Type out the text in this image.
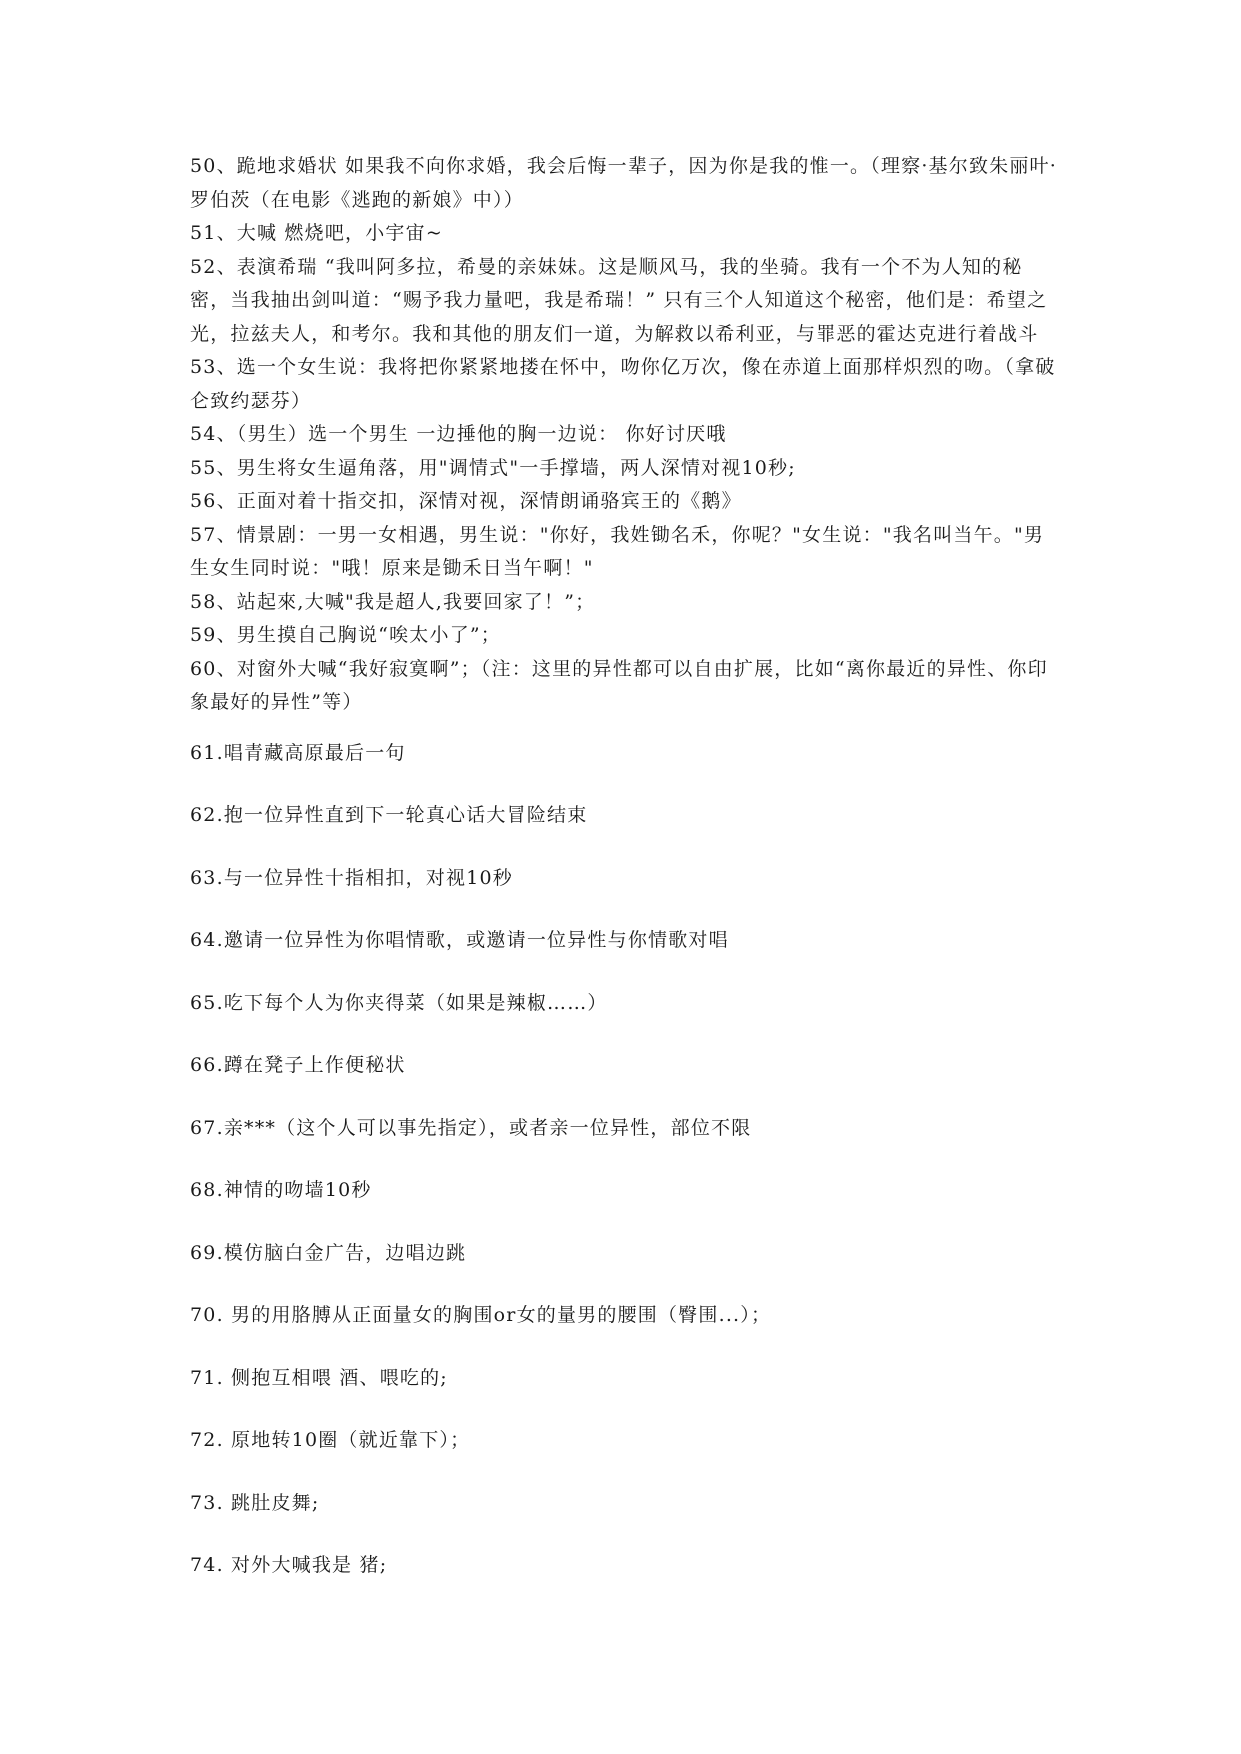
50、跪地求婚状 如果我不向你求婚，我会后悔一辈子，因为你是我的惟一。（理察·基尔致朱丽叶·罗伯茨（在电影《逃跑的新娘》中））

51、大喊 燃烧吧，小宇宙~

52、表演希瑞 “我叫阿多拉，希曼的亲妹妹。这是顺风马，我的坐骑。我有一个不为人知的秘密，当我抽出剑叫道：“赐予我力量吧，我是希瑞！” 只有三个人知道这个秘密，他们是：希望之光，拉兹夫人，和考尔。我和其他的朋友们一道，为解救以希利亚，与罪恶的霍达克进行着战斗

53、选一个女生说：我将把你紧紧地搂在怀中，吻你亿万次，像在赤道上面那样炽烈的吻。（拿破仑致约瑟芬）

54、（男生）选一个男生 一边捶他的胸一边说： 你好讨厌哦

55、男生将女生逼角落，用"调情式"一手撑墙，两人深情对视10秒;

56、正面对着十指交扣，深情对视，深情朗诵骆宾王的《鹅》

57、情景剧：一男一女相遇，男生说："你好，我姓锄名禾，你呢？"女生说："我名叫当午。"男生女生同时说："哦！原来是锄禾日当午啊！"

58、站起來,大喊"我是超人,我要回家了！”；

59、男生摸自己胸说“唉太小了”；

60、对窗外大喊“我好寂寞啊”；（注：这里的异性都可以自由扩展，比如“离你最近的异性、你印象最好的异性”等）

61.唱青藏高原最后一句

62.抱一位异性直到下一轮真心话大冒险结束

63.与一位异性十指相扣，对视10秒

64.邀请一位异性为你唱情歌，或邀请一位异性与你情歌对唱

65.吃下每个人为你夹得菜（如果是辣椒……）

66.蹲在凳子上作便秘状

67.亲***（这个人可以事先指定），或者亲一位异性，部位不限

68.神情的吻墙10秒

69.模仿脑白金广告，边唱边跳

70. 男的用胳膊从正面量女的胸围or女的量男的腰围（臀围...）；

71. 侧抱互相喂 酒、喂吃的;

72. 原地转10圈（就近靠下）；

73. 跳肚皮舞;

74. 对外大喊我是 猪;
